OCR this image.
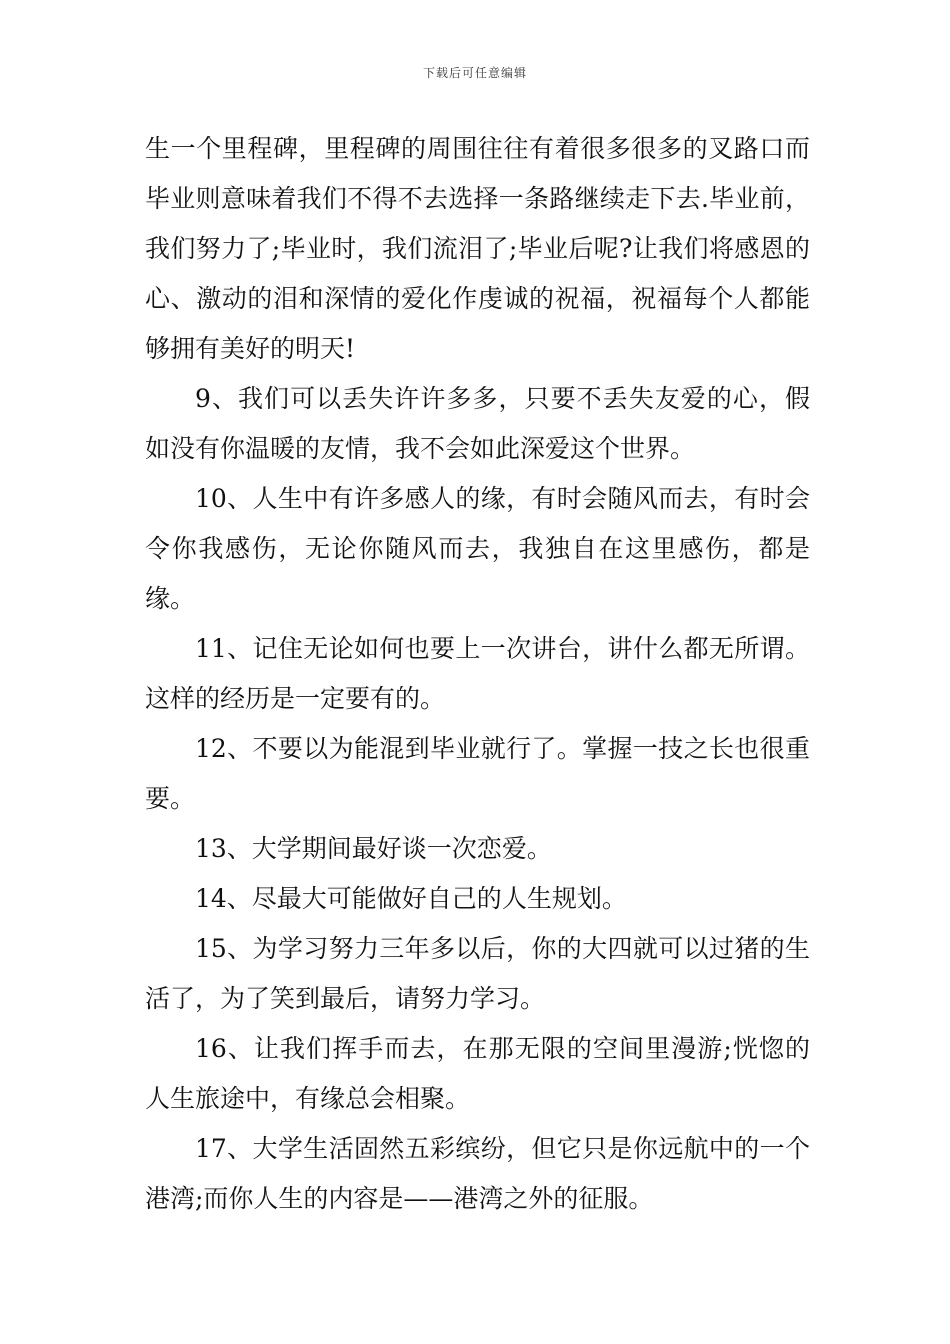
下载后可任意编辑

生一个里程碑，里程碑的周围往往有着很多很多的叉路口而毕业则意味着我们不得不去选择一条路继续走下去.毕业前，我们努力了;毕业时，我们流泪了;毕业后呢?让我们将感恩的心、激动的泪和深情的爱化作虔诚的祝福，祝福每个人都能够拥有美好的明天!

9、我们可以丢失许许多多，只要不丢失友爱的心，假如没有你温暖的友情，我不会如此深爱这个世界。

10、人生中有许多感人的缘，有时会随风而去，有时会令你我感伤，无论你随风而去，我独自在这里感伤，都是缘。

11、记住无论如何也要上一次讲台，讲什么都无所谓。这样的经历是一定要有的。

12、不要以为能混到毕业就行了。掌握一技之长也很重要。

13、大学期间最好谈一次恋爱。

14、尽最大可能做好自己的人生规划。

15、为学习努力三年多以后，你的大四就可以过猪的生活了，为了笑到最后，请努力学习。

16、让我们挥手而去，在那无限的空间里漫游;恍惚的人生旅途中，有缘总会相聚。

17、大学生活固然五彩缤纷，但它只是你远航中的一个港湾;而你人生的内容是——港湾之外的征服。
